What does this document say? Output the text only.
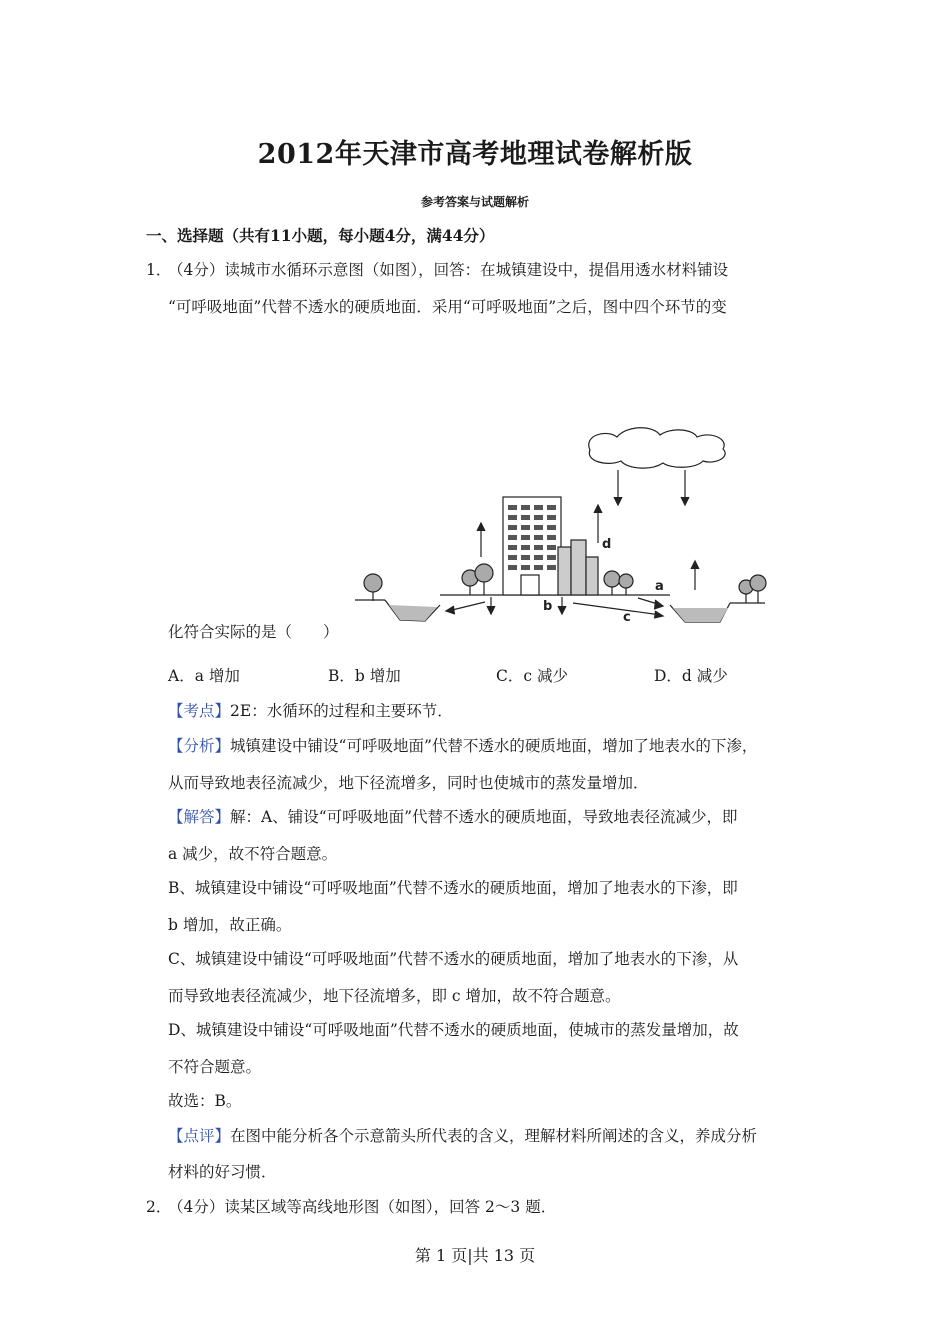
2012年天津市高考地理试卷解析版
参考答案与试题解析
一、选择题（共有11小题，每小题4分，满44分）
1．
（4分）读城市水循环示意图（如图），回答：在城镇建设中，提倡用透水材料铺设
“可呼吸地面”代替不透水的硬质地面．采用“可呼吸地面”之后，图中四个环节的变
d
a
b
c
化符合实际的是（　　）
A．a 增加	B．b 增加	C．c 减少	D．d 减少
【考点】2E：水循环的过程和主要环节．
【分析】城镇建设中铺设“可呼吸地面”代替不透水的硬质地面，增加了地表水的下渗，
从而导致地表径流减少，地下径流增多，同时也使城市的蒸发量增加．
【解答】解：A、铺设“可呼吸地面”代替不透水的硬质地面，导致地表径流减少，即
a 减少，故不符合题意。
B、城镇建设中铺设“可呼吸地面”代替不透水的硬质地面，增加了地表水的下渗，即
b 增加，故正确。
C、城镇建设中铺设“可呼吸地面”代替不透水的硬质地面，增加了地表水的下渗，从
而导致地表径流减少，地下径流增多，即 c 增加，故不符合题意。
D、城镇建设中铺设“可呼吸地面”代替不透水的硬质地面，使城市的蒸发量增加，故
不符合题意。
故选：B。
【点评】在图中能分析各个示意箭头所代表的含义，理解材料所阐述的含义，养成分析
材料的好习惯．
2．
（4分）读某区域等高线地形图（如图），回答 2～3 题．
第 1 页|共 13 页
